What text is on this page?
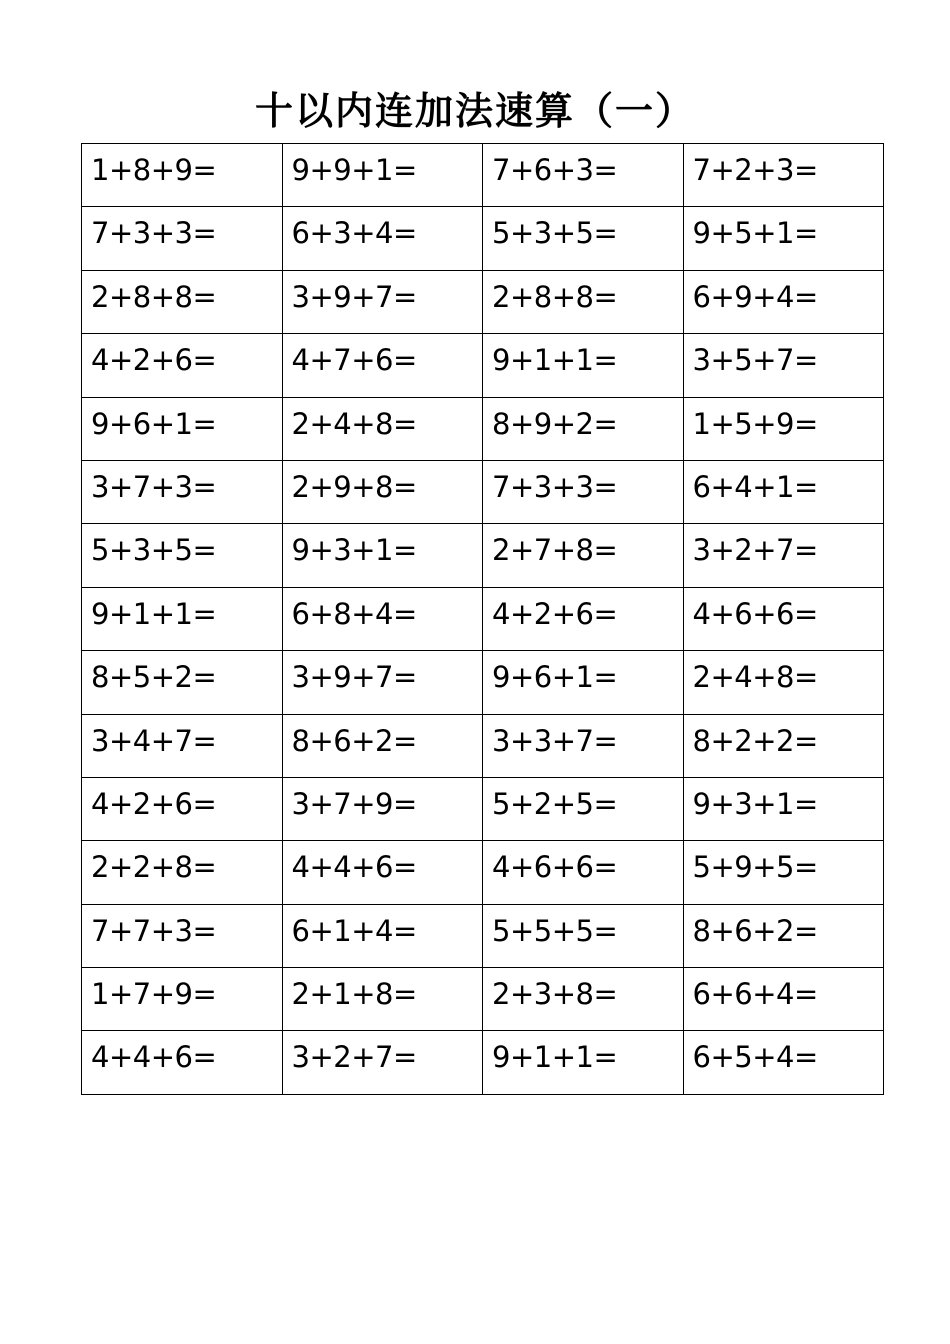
十以内连加法速算（一）
1+8+9=	9+9+1=	7+6+3=	7+2+3=

7+3+3=	6+3+4=	5+3+5=	9+5+1=

2+8+8=	3+9+7=	2+8+8=	6+9+4=

4+2+6=	4+7+6=	9+1+1=	3+5+7=

9+6+1=	2+4+8=	8+9+2=	1+5+9=

3+7+3=	2+9+8=	7+3+3=	6+4+1=

5+3+5=	9+3+1=	2+7+8=	3+2+7=

9+1+1=	6+8+4=	4+2+6=	4+6+6=

8+5+2=	3+9+7=	9+6+1=	2+4+8=

3+4+7=	8+6+2=	3+3+7=	8+2+2=

4+2+6=	3+7+9=	5+2+5=	9+3+1=

2+2+8=	4+4+6=	4+6+6=	5+9+5=

7+7+3=	6+1+4=	5+5+5=	8+6+2=

1+7+9=	2+1+8=	2+3+8=	6+6+4=

4+4+6=	3+2+7=	9+1+1=	6+5+4=
